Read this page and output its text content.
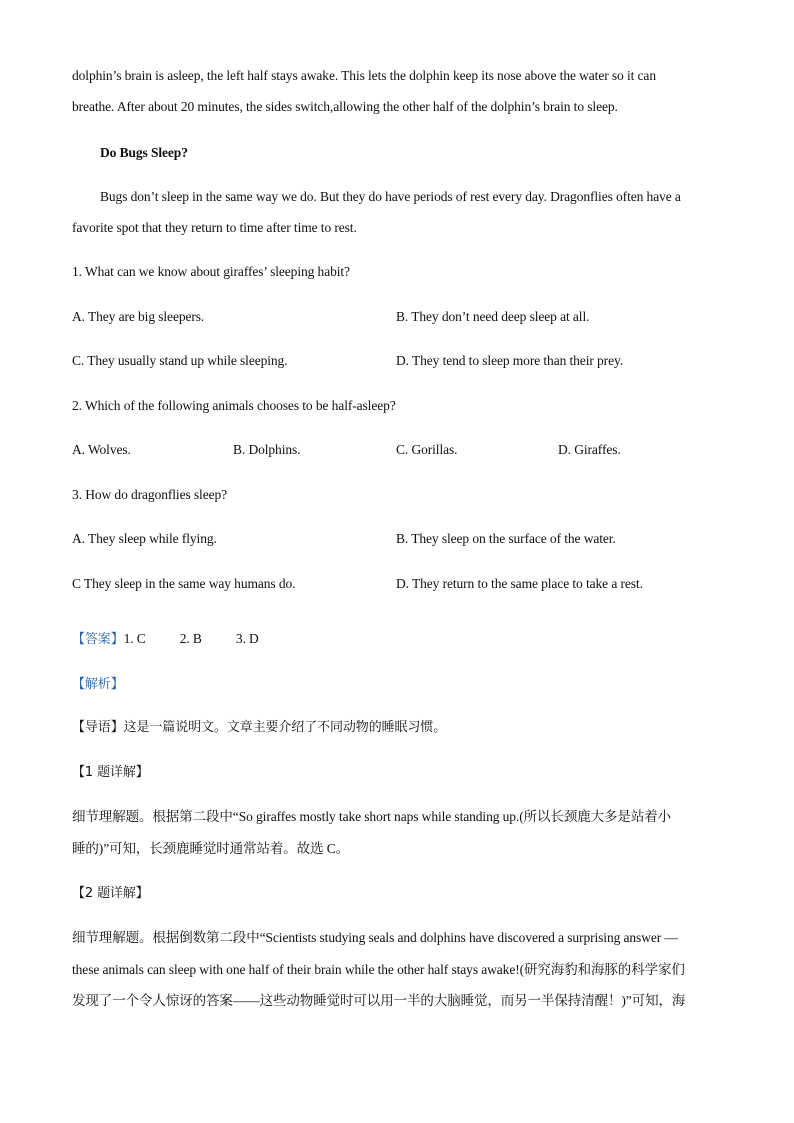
dolphin’s brain is asleep, the left half stays awake. This lets the dolphin keep its nose above the water so it can
breathe. After about 20 minutes, the sides switch,allowing the other half of the dolphin’s brain to sleep.
Do Bugs Sleep?
Bugs don’t sleep in the same way we do. But they do have periods of rest every day. Dragonflies often have a
favorite spot that they return to time after time to rest.
1. What can we know about giraffes’ sleeping habit?
A. They are big sleepers.	B. They don’t need deep sleep at all.
C. They usually stand up while sleeping.	D. They tend to sleep more than their prey.
2. Which of the following animals chooses to be half-asleep?
A. Wolves.	B. Dolphins.	C. Gorillas.	D. Giraffes.
3. How do dragonflies sleep?
A. They sleep while flying.	B. They sleep on the surface of the water.
C They sleep in the same way humans do.	D. They return to the same place to take a rest.
【答案】1. C	2. B	3. D
【解析】
【导语】这是一篇说明文。文章主要介绍了不同动物的睡眠习惯。
【1 题详解】
细节理解题。根据第二段中“So giraffes mostly take short naps while standing up.(所以长颈鹿大多是站着小
睡的)”可知，长颈鹿睡觉时通常站着。故选 C。
【2 题详解】
细节理解题。根据倒数第二段中“Scientists studying seals and dolphins have discovered a surprising answer —
these animals can sleep with one half of their brain while the other half stays awake!(研究海豹和海豚的科学家们
发现了一个令人惊讶的答案——这些动物睡觉时可以用一半的大脑睡觉，而另一半保持清醒！)”可知，海
